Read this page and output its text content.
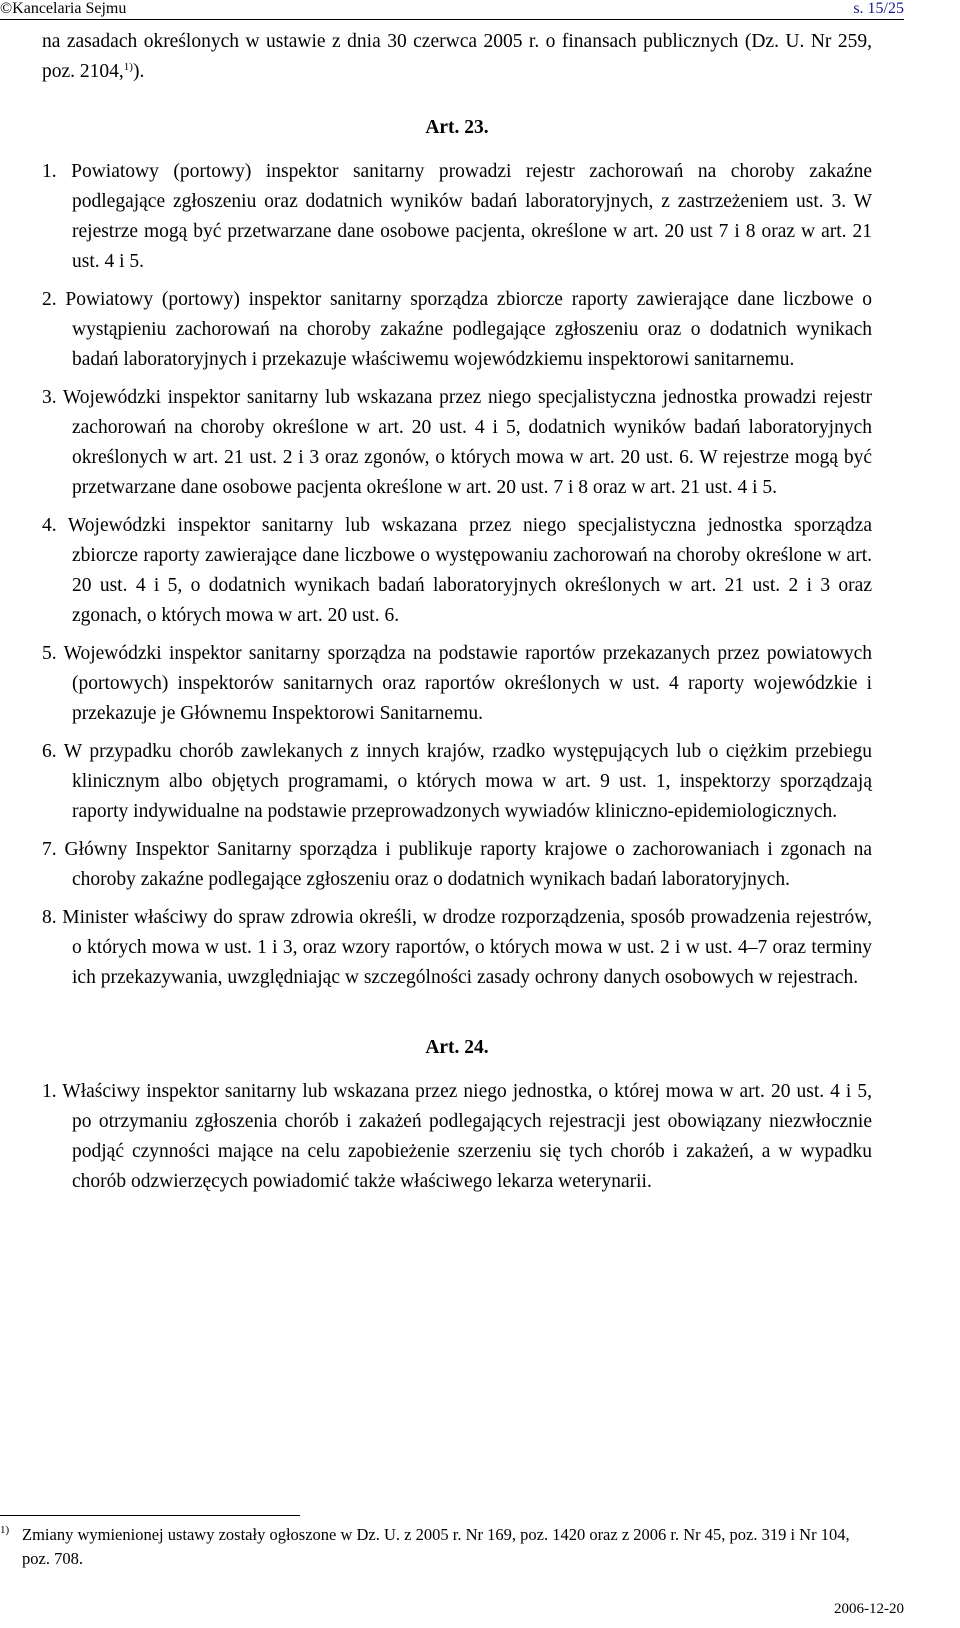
©Kancelaria Sejmu	s. 15/25

na zasadach określonych w ustawie z dnia 30 czerwca 2005 r. o finansach publicznych (Dz. U. Nr 259, poz. 2104,$^{1)}$).

Art. 23.

1. Powiatowy (portowy) inspektor sanitarny prowadzi rejestr zachorowań na choroby zakaźne podlegające zgłoszeniu oraz dodatnich wyników badań laboratoryjnych, z zastrzeżeniem ust. 3. W rejestrze mogą być przetwarzane dane osobowe pacjenta, określone w art. 20 ust 7 i 8 oraz w art. 21 ust. 4 i 5.

2. Powiatowy (portowy) inspektor sanitarny sporządza zbiorcze raporty zawierające dane liczbowe o wystąpieniu zachorowań na choroby zakaźne podlegające zgłoszeniu oraz o dodatnich wynikach badań laboratoryjnych i przekazuje właściwemu wojewódzkiemu inspektorowi sanitarnemu.

3. Wojewódzki inspektor sanitarny lub wskazana przez niego specjalistyczna jednostka prowadzi rejestr zachorowań na choroby określone w art. 20 ust. 4 i 5, dodatnich wyników badań laboratoryjnych określonych w art. 21 ust. 2 i 3 oraz zgonów, o których mowa w art. 20 ust. 6. W rejestrze mogą być przetwarzane dane osobowe pacjenta określone w art. 20 ust. 7 i 8 oraz w art. 21 ust. 4 i 5.

4. Wojewódzki inspektor sanitarny lub wskazana przez niego specjalistyczna jednostka sporządza zbiorcze raporty zawierające dane liczbowe o występowaniu zachorowań na choroby określone w art. 20 ust. 4 i 5, o dodatnich wynikach badań laboratoryjnych określonych w art. 21 ust. 2 i 3 oraz zgonach, o których mowa w art. 20 ust. 6.

5. Wojewódzki inspektor sanitarny sporządza na podstawie raportów przekazanych przez powiatowych (portowych) inspektorów sanitarnych oraz raportów określonych w ust. 4 raporty wojewódzkie i przekazuje je Głównemu Inspektorowi Sanitarnemu.

6. W przypadku chorób zawlekanych z innych krajów, rzadko występujących lub o ciężkim przebiegu klinicznym albo objętych programami, o których mowa w art. 9 ust. 1, inspektorzy sporządzają raporty indywidualne na podstawie przeprowadzonych wywiadów kliniczno-epidemiologicznych.

7. Główny Inspektor Sanitarny sporządza i publikuje raporty krajowe o zachorowaniach i zgonach na choroby zakaźne podlegające zgłoszeniu oraz o dodatnich wynikach badań laboratoryjnych.

8. Minister właściwy do spraw zdrowia określi, w drodze rozporządzenia, sposób prowadzenia rejestrów, o których mowa w ust. 1 i 3, oraz wzory raportów, o których mowa w ust. 2 i w ust. 4–7 oraz terminy ich przekazywania, uwzględniając w szczególności zasady ochrony danych osobowych w rejestrach.

Art. 24.

1. Właściwy inspektor sanitarny lub wskazana przez niego jednostka, o której mowa w art. 20 ust. 4 i 5, po otrzymaniu zgłoszenia chorób i zakażeń podlegających rejestracji jest obowiązany niezwłocznie podjąć czynności mające na celu zapobieżenie szerzeniu się tych chorób i zakażeń, a w wypadku chorób odzwierzęcych powiadomić także właściwego lekarza weterynarii.

$^{1)}$ Zmiany wymienionej ustawy zostały ogłoszone w Dz. U. z 2005 r. Nr 169, poz. 1420 oraz z 2006 r. Nr 45, poz. 319 i Nr 104, poz. 708.

2006-12-20
